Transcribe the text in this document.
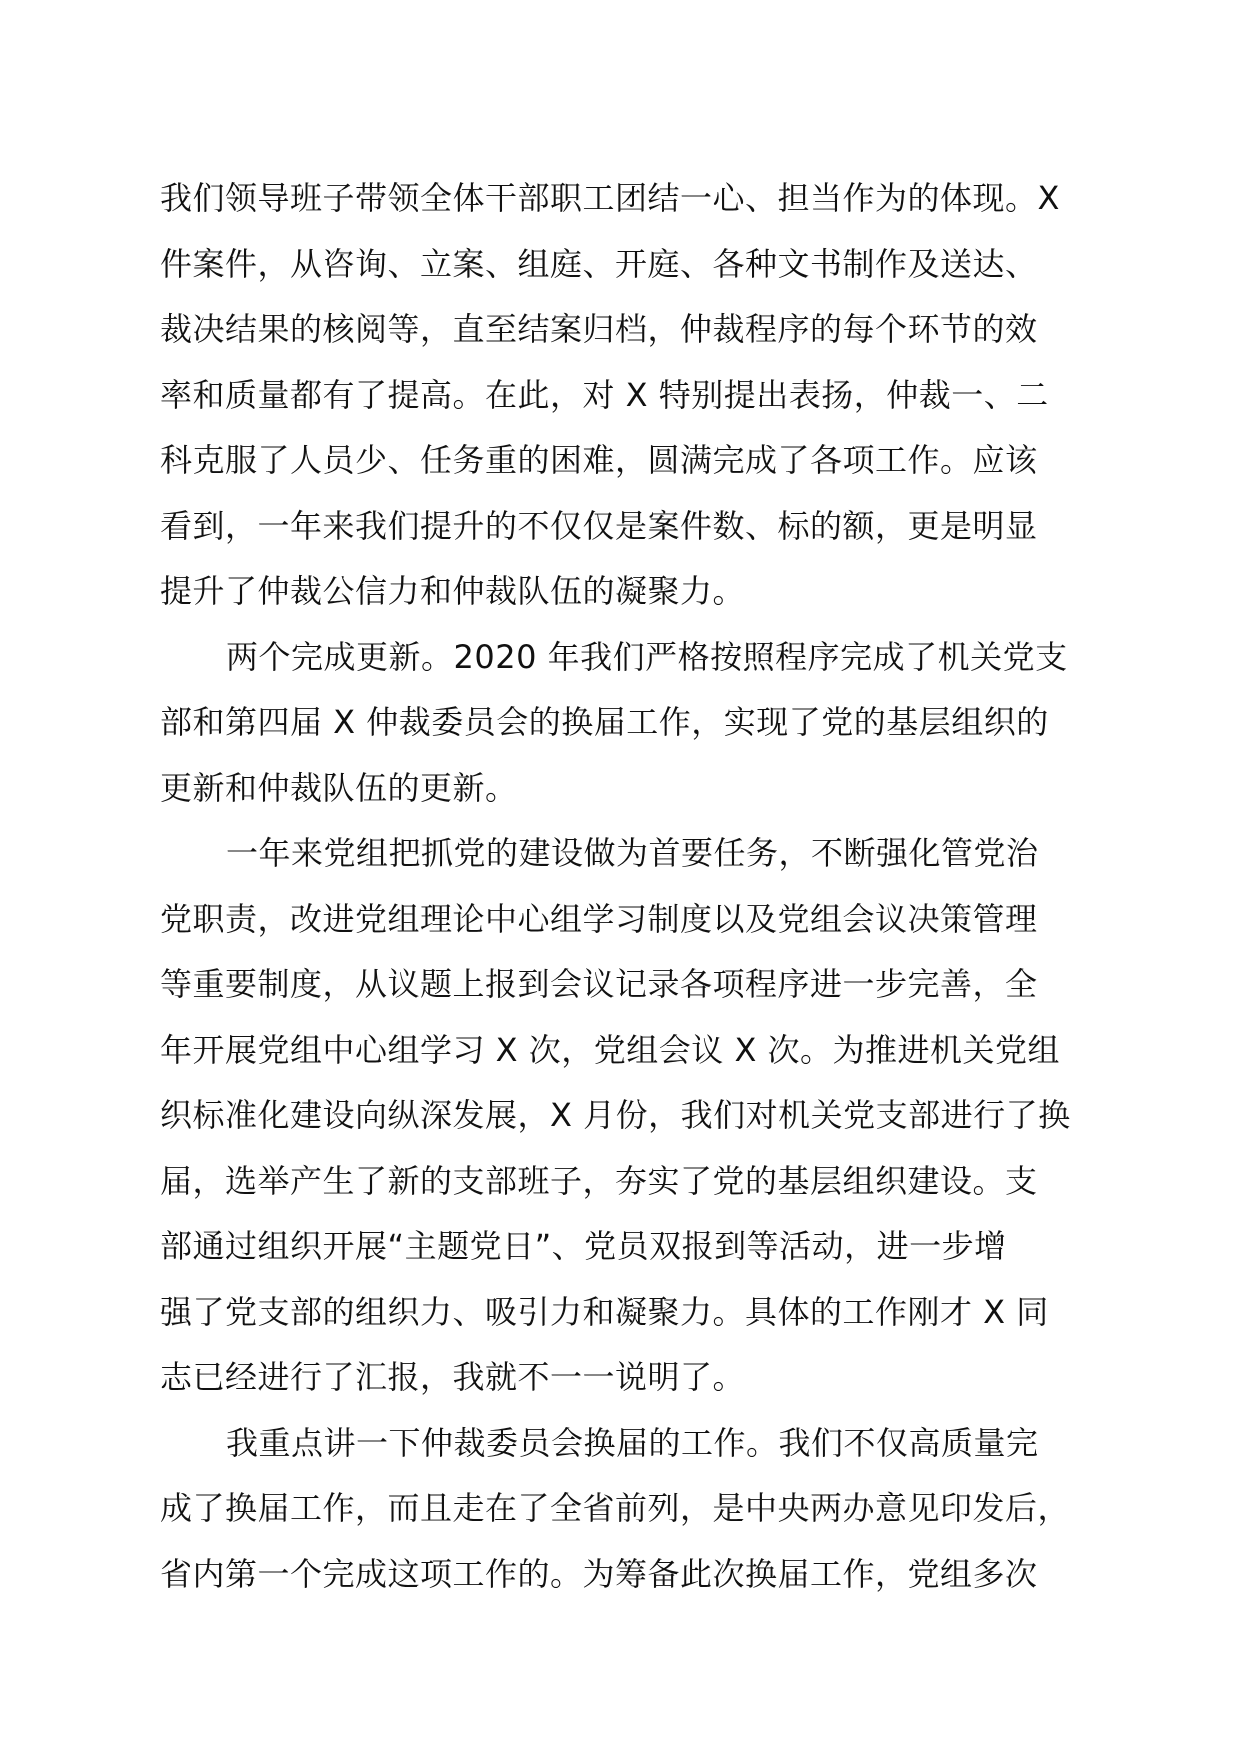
我们领导班子带领全体干部职工团结一心、担当作为的体现。X
件案件，从咨询、立案、组庭、开庭、各种文书制作及送达、
裁决结果的核阅等，直至结案归档，仲裁程序的每个环节的效
率和质量都有了提高。在此，对 X 特别提出表扬，仲裁一、二
科克服了人员少、任务重的困难，圆满完成了各项工作。应该
看到，一年来我们提升的不仅仅是案件数、标的额，更是明显
提升了仲裁公信力和仲裁队伍的凝聚力。
两个完成更新。2020 年我们严格按照程序完成了机关党支
部和第四届 X 仲裁委员会的换届工作，实现了党的基层组织的
更新和仲裁队伍的更新。
一年来党组把抓党的建设做为首要任务，不断强化管党治
党职责，改进党组理论中心组学习制度以及党组会议决策管理
等重要制度，从议题上报到会议记录各项程序进一步完善，全
年开展党组中心组学习 X 次，党组会议 X 次。为推进机关党组
织标准化建设向纵深发展，X 月份，我们对机关党支部进行了换
届，选举产生了新的支部班子，夯实了党的基层组织建设。支
部通过组织开展“主题党日”、党员双报到等活动，进一步增
强了党支部的组织力、吸引力和凝聚力。具体的工作刚才 X 同
志已经进行了汇报，我就不一一说明了。
我重点讲一下仲裁委员会换届的工作。我们不仅高质量完
成了换届工作，而且走在了全省前列，是中央两办意见印发后，
省内第一个完成这项工作的。为筹备此次换届工作，党组多次
